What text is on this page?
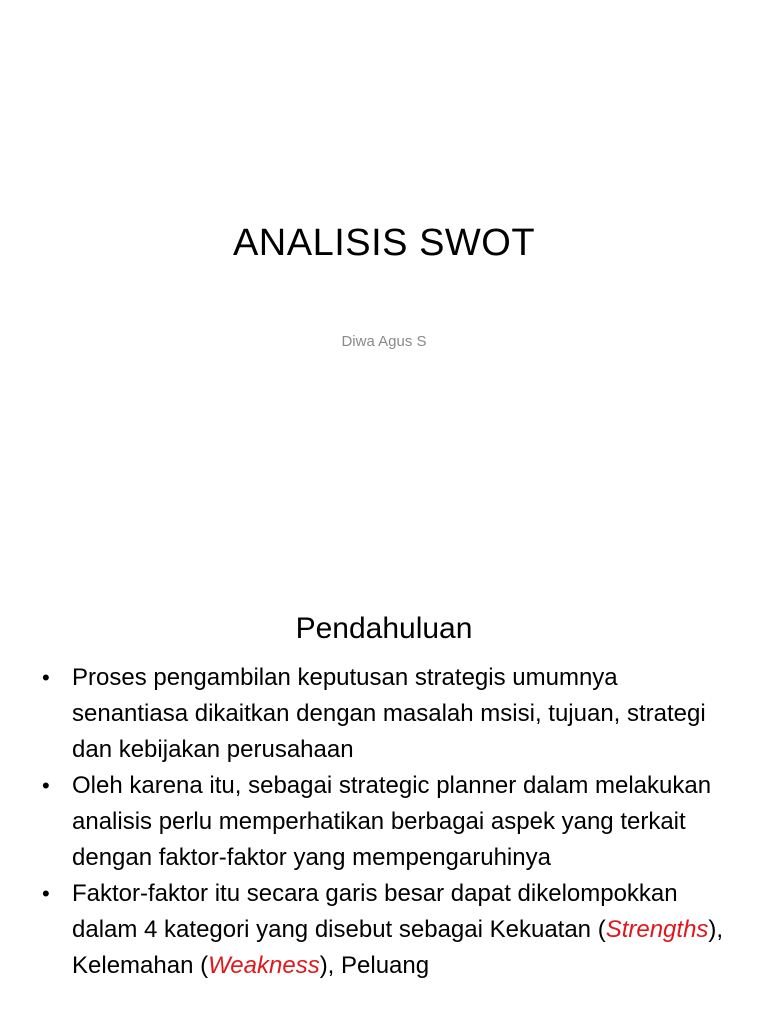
ANALISIS SWOT
Diwa Agus S
Pendahuluan
• Proses pengambilan keputusan strategis umumnya senantiasa dikaitkan dengan masalah msisi, tujuan, strategi dan kebijakan perusahaan
• Oleh karena itu, sebagai strategic planner dalam melakukan analisis perlu memperhatikan berbagai aspek yang terkait dengan faktor-faktor yang mempengaruhinya
• Faktor-faktor itu secara garis besar dapat dikelompokkan dalam 4 kategori yang disebut sebagai Kekuatan (Strengths), Kelemahan (Weakness), Peluang
